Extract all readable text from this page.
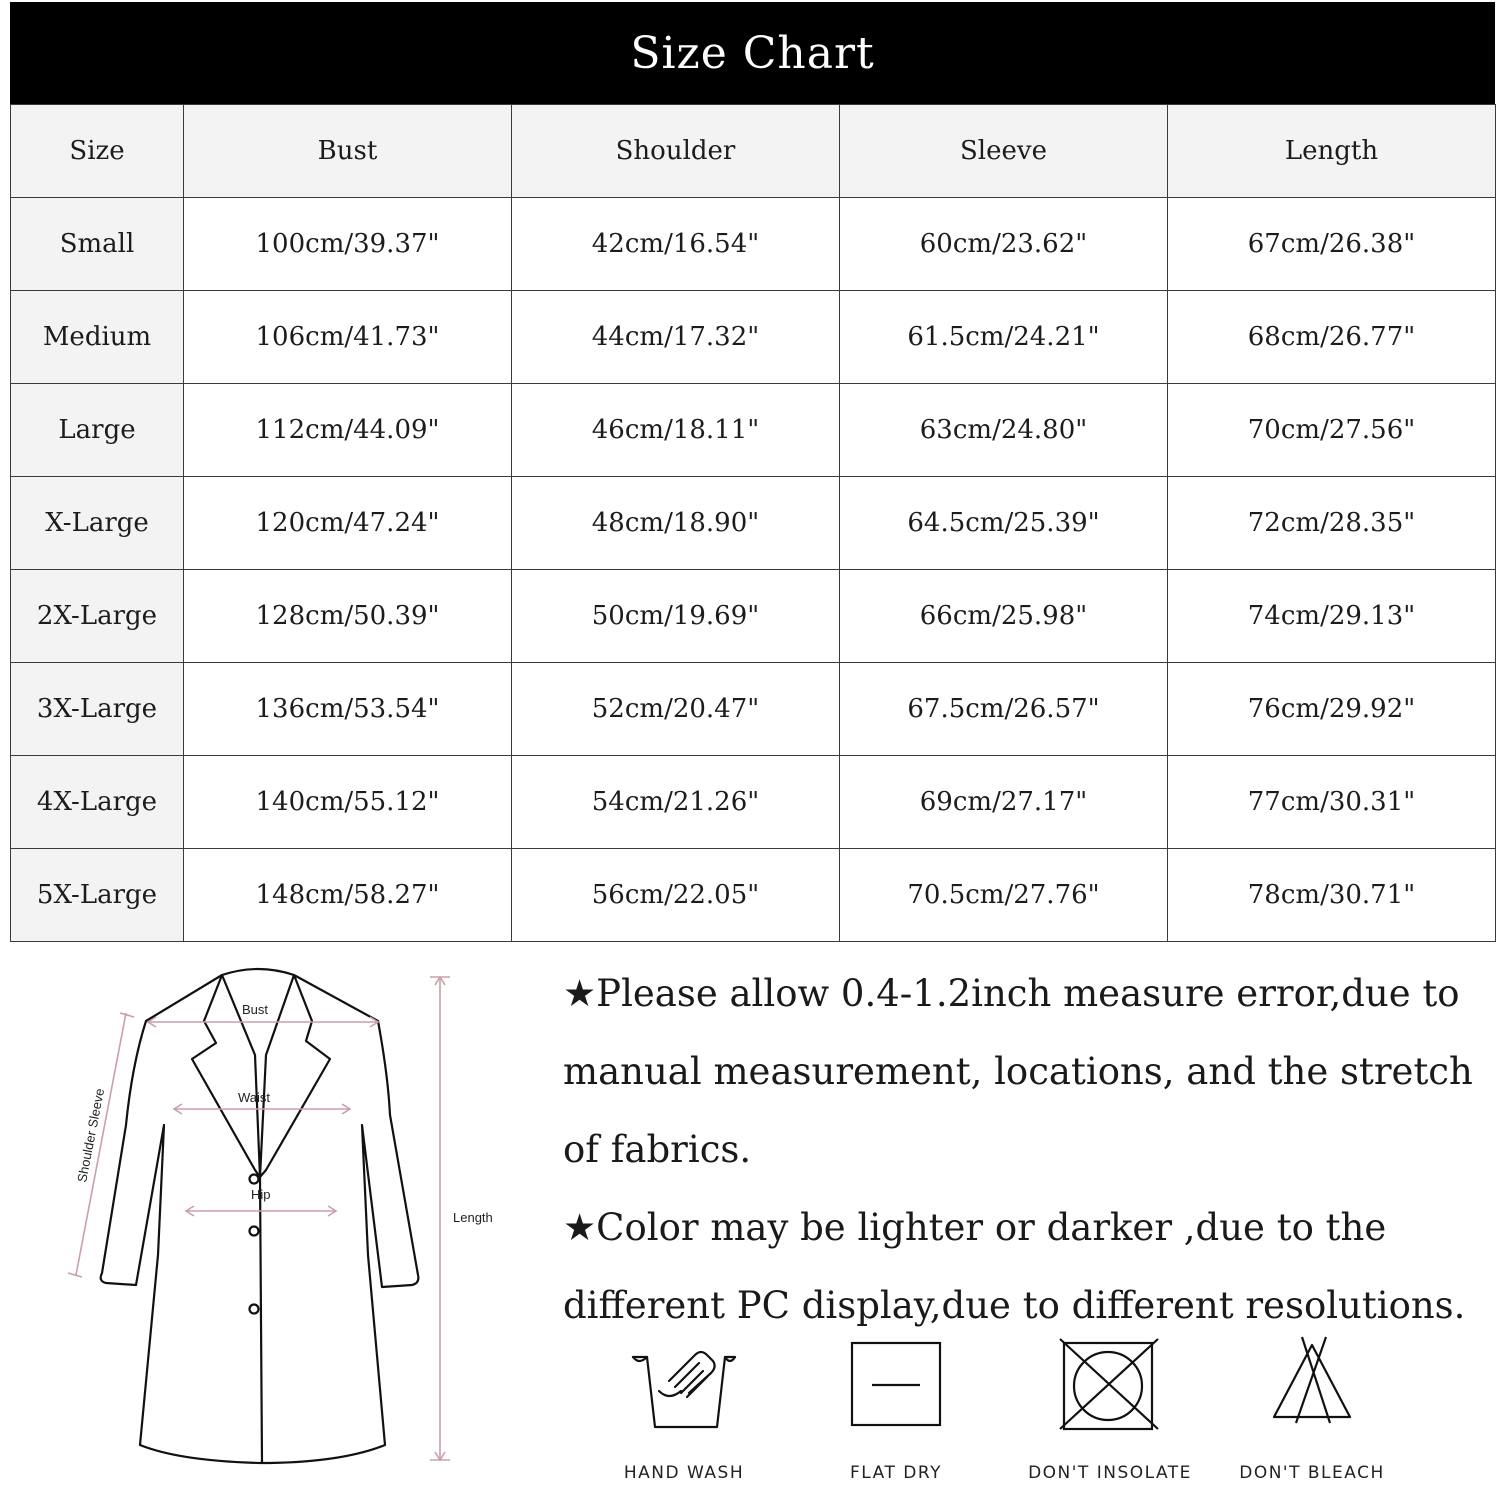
Size Chart
Size	Bust	Shoulder	Sleeve	Length
Small	100cm/39.37"	42cm/16.54"	60cm/23.62"	67cm/26.38"
Medium	106cm/41.73"	44cm/17.32"	61.5cm/24.21"	68cm/26.77"
Large	112cm/44.09"	46cm/18.11"	63cm/24.80"	70cm/27.56"
X-Large	120cm/47.24"	48cm/18.90"	64.5cm/25.39"	72cm/28.35"
2X-Large	128cm/50.39"	50cm/19.69"	66cm/25.98"	74cm/29.13"
3X-Large	136cm/53.54"	52cm/20.47"	67.5cm/26.57"	76cm/29.92"
4X-Large	140cm/55.12"	54cm/21.26"	69cm/27.17"	77cm/30.31"
5X-Large	148cm/58.27"	56cm/22.05"	70.5cm/27.76"	78cm/30.71"
Bust
Waist
Hip
Length
Shoulder Sleeve

★Please allow 0.4-1.2inch measure error,due to manual measurement, locations, and the stretch of fabrics.

★Color may be lighter or darker ,due to the different PC display,due to different resolutions.

HAND WASH	FLAT DRY	DON'T INSOLATE	DON'T BLEACH
